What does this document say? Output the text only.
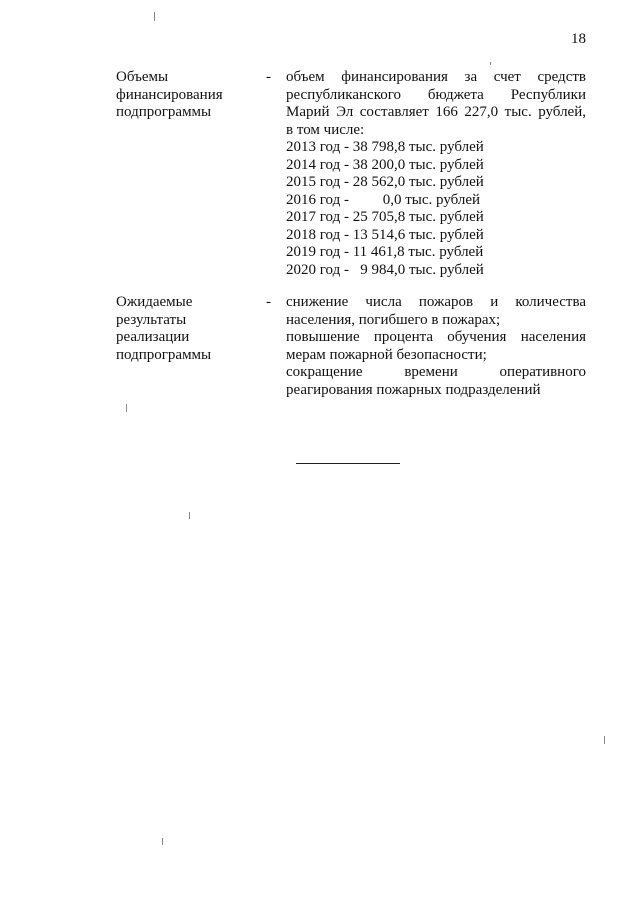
18
Объемы
финансирования
подпрограммы
- объем финансирования за счет средств
республиканского бюджета Республики
Марий Эл составляет 166 227,0 тыс. рублей,
в том числе:
2013 год - 38 798,8 тыс. рублей
2014 год - 38 200,0 тыс. рублей
2015 год - 28 562,0 тыс. рублей
2016 год -         0,0 тыс. рублей
2017 год - 25 705,8 тыс. рублей
2018 год - 13 514,6 тыс. рублей
2019 год - 11 461,8 тыс. рублей
2020 год -   9 984,0 тыс. рублей
Ожидаемые
результаты
реализации
подпрограммы
- снижение числа пожаров и количества
населения, погибшего в пожарах;
повышение процента обучения населения
мерам пожарной безопасности;
сокращение времени оперативного
реагирования пожарных подразделений
